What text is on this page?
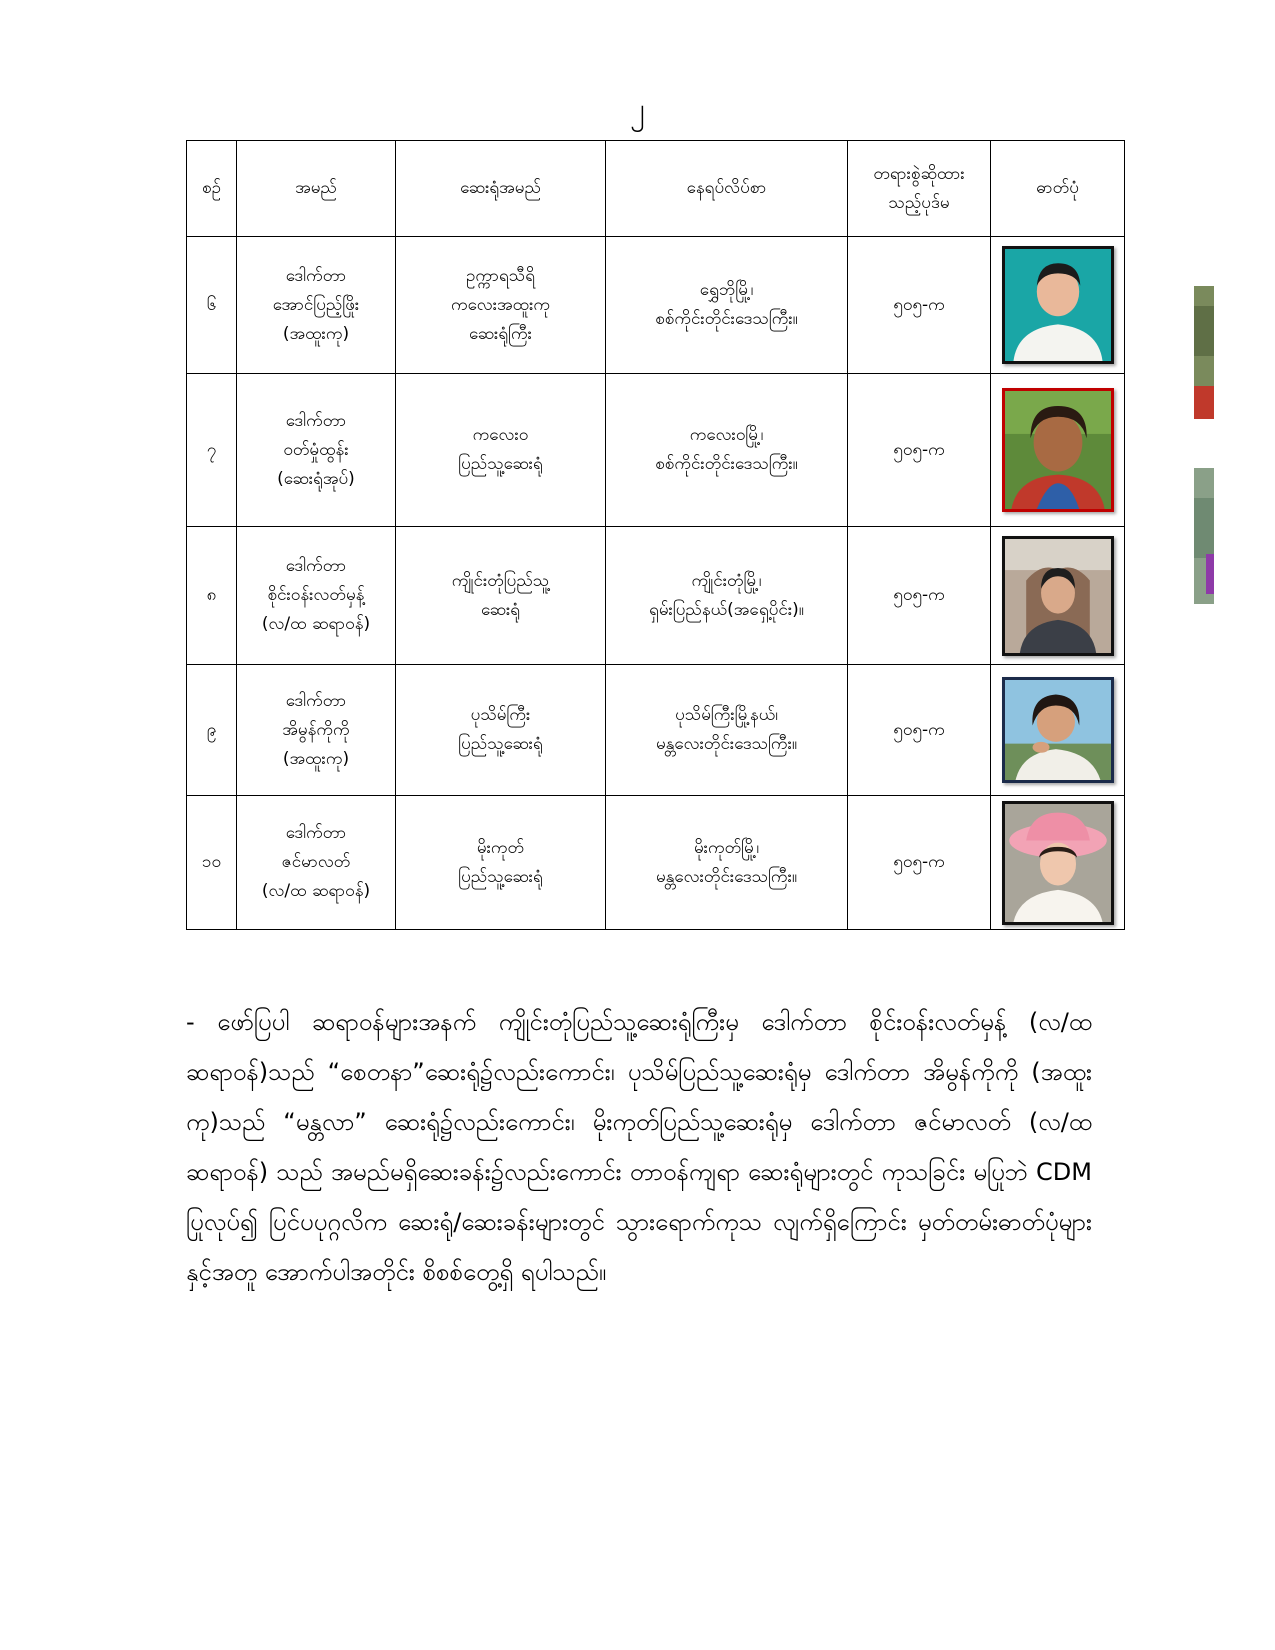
၂
စဉ်	အမည်	ဆေးရုံအမည်	နေရပ်လိပ်စာ	တရားစွဲဆိုထား
သည့်ပုဒ်မ	ဓာတ်ပုံ
၆	ဒေါက်တာ
အောင်ပြည့်ဖြိုး
(အထူးကု)	ဥက္ကာရသီရိ
ကလေးအထူးကု
ဆေးရုံကြီး	ရွှေဘိုမြို့၊
စစ်ကိုင်းတိုင်းဒေသကြီး။	၅၀၅-က	

၇	ဒေါက်တာ
ဝတ်မှုံထွန်း
(ဆေးရုံအုပ်)	ကလေးဝ
ပြည်သူ့ဆေးရုံ	ကလေးဝမြို့၊
စစ်ကိုင်းတိုင်းဒေသကြီး။	၅၀၅-က	

၈	ဒေါက်တာ
စိုင်းဝန်းလတ်မှန့်
(လ/ထ ဆရာဝန်)	ကျိုင်းတုံပြည်သူ့
ဆေးရုံ	ကျိုင်းတုံမြို့၊
ရှမ်းပြည်နယ်(အရှေ့ပိုင်း)။	၅၀၅-က	

၉	ဒေါက်တာ
အိမွန်ကိုကို
(အထူးကု)	ပုသိမ်ကြီး
ပြည်သူ့ဆေးရုံ	ပုသိမ်ကြီးမြို့နယ်၊
မန္တလေးတိုင်းဒေသကြီး။	၅၀၅-က	

၁၀	ဒေါက်တာ
ဇင်မာလတ်
(လ/ထ ဆရာဝန်)	မိုးကုတ်
ပြည်သူ့ဆေးရုံ	မိုးကုတ်မြို့၊
မန္တလေးတိုင်းဒေသကြီး။	၅၀၅-က	
- ဖော်ပြပါ ဆရာဝန်များအနက် ကျိုင်းတုံပြည်သူ့ဆေးရုံကြီးမှ ဒေါက်တာ စိုင်းဝန်းလတ်မှန့် (လ/ထ ဆရာဝန်)သည် “စေတနာ”ဆေးရုံ၌လည်းကောင်း၊ ပုသိမ်ပြည်သူ့ဆေးရုံမှ ဒေါက်တာ အိမွန်ကိုကို (အထူးကု)သည် “မန္တလာ” ဆေးရုံ၌လည်းကောင်း၊ မိုးကုတ်ပြည်သူ့ဆေးရုံမှ ဒေါက်တာ ဇင်မာလတ် (လ/ထ ဆရာဝန်) သည် အမည်မရှိဆေးခန်း၌လည်းကောင်း တာဝန်ကျရာ ဆေးရုံများတွင် ကုသခြင်း မပြုဘဲ CDM ပြုလုပ်၍ ပြင်ပပုဂ္ဂလိက ဆေးရုံ/ဆေးခန်းများတွင် သွားရောက်ကုသ လျက်ရှိကြောင်း မှတ်တမ်းဓာတ်ပုံများနှင့်အတူ အောက်ပါအတိုင်း စိစစ်တွေ့ရှိ ရပါသည်။
